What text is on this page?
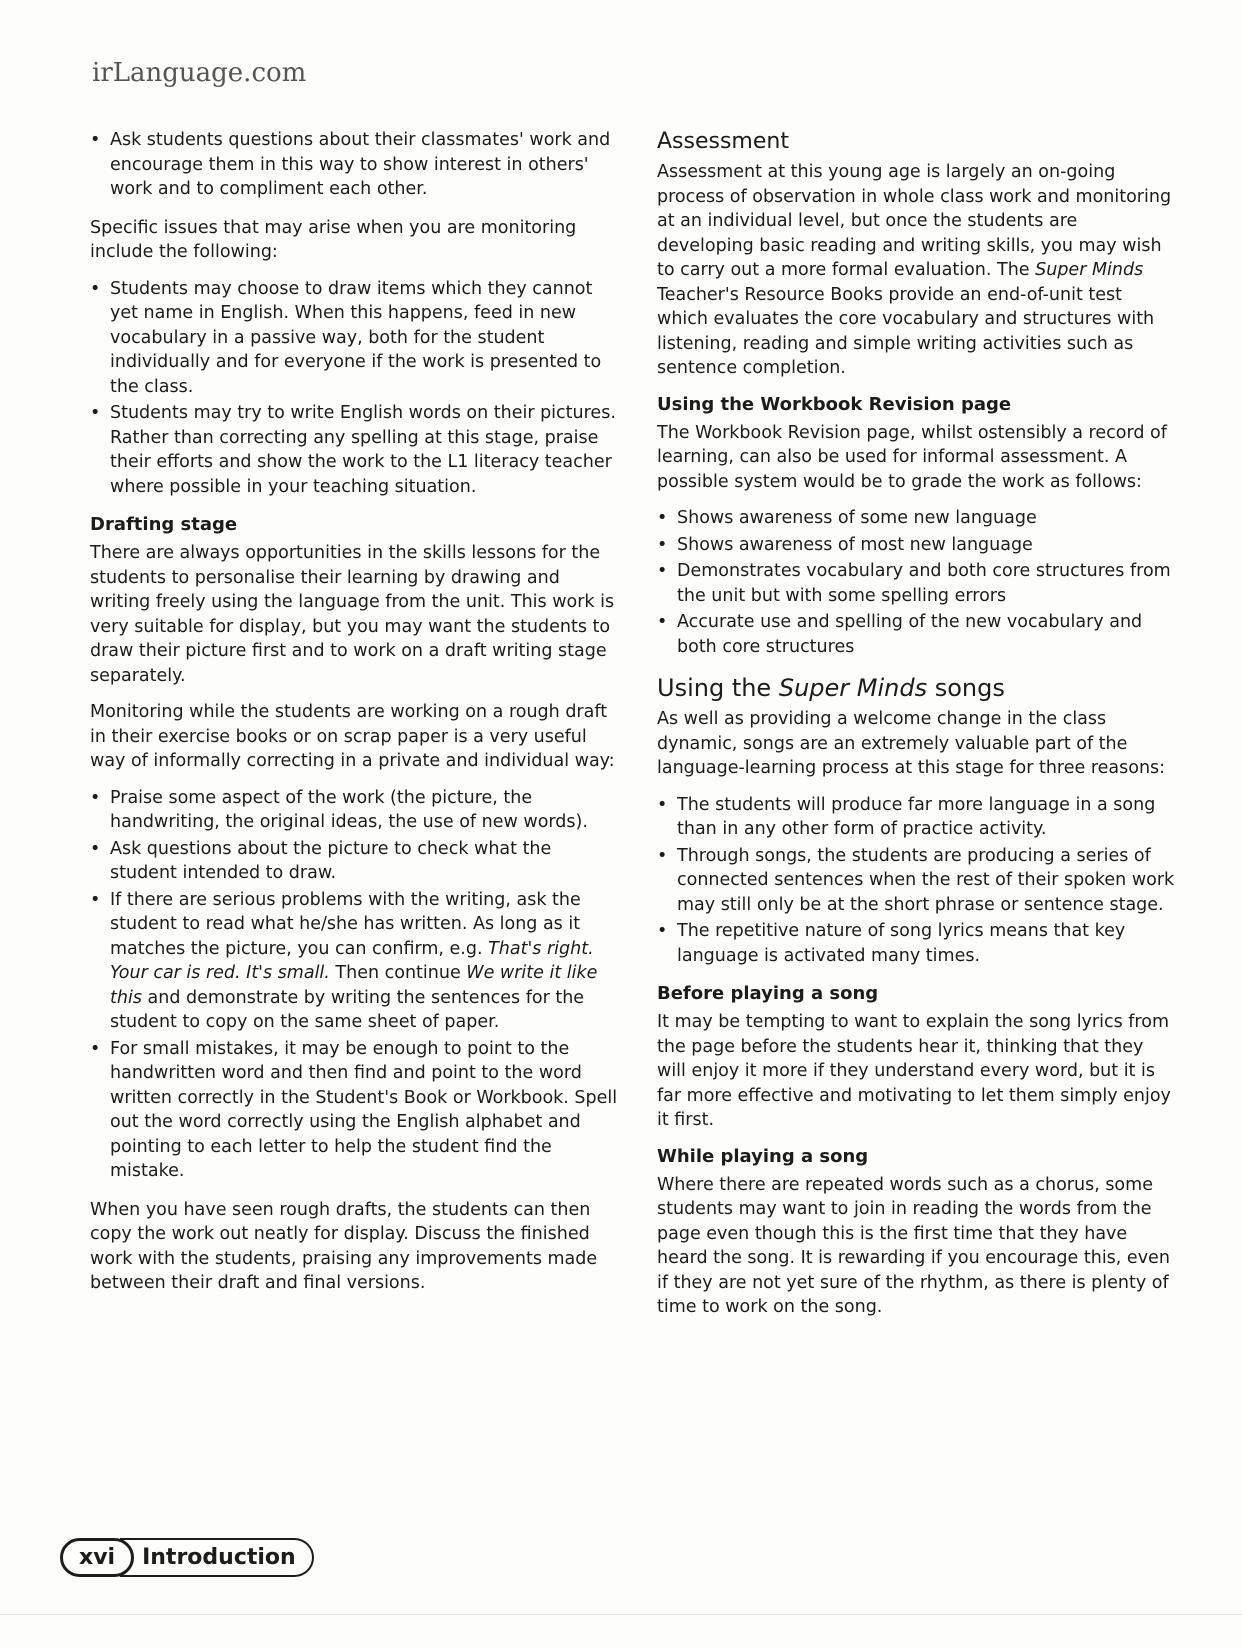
irLanguage.com
• Ask students questions about their classmates' work and encourage them in this way to show interest in others' work and to compliment each other.

Specific issues that may arise when you are monitoring include the following:

• Students may choose to draw items which they cannot yet name in English. When this happens, feed in new vocabulary in a passive way, both for the student individually and for everyone if the work is presented to the class.
• Students may try to write English words on their pictures. Rather than correcting any spelling at this stage, praise their efforts and show the work to the L1 literacy teacher where possible in your teaching situation.
Drafting stage

There are always opportunities in the skills lessons for the students to personalise their learning by drawing and writing freely using the language from the unit. This work is very suitable for display, but you may want the students to draw their picture first and to work on a draft writing stage separately.

Monitoring while the students are working on a rough draft in their exercise books or on scrap paper is a very useful way of informally correcting in a private and individual way:

• Praise some aspect of the work (the picture, the handwriting, the original ideas, the use of new words).
• Ask questions about the picture to check what the student intended to draw.
• If there are serious problems with the writing, ask the student to read what he/she has written. As long as it matches the picture, you can confirm, e.g. That's right. Your car is red. It's small. Then continue We write it like this and demonstrate by writing the sentences for the student to copy on the same sheet of paper.
• For small mistakes, it may be enough to point to the handwritten word and then find and point to the word written correctly in the Student's Book or Workbook. Spell out the word correctly using the English alphabet and pointing to each letter to help the student find the mistake.

When you have seen rough drafts, the students can then copy the work out neatly for display. Discuss the finished work with the students, praising any improvements made between their draft and final versions.

Assessment

Assessment at this young age is largely an on-going process of observation in whole class work and monitoring at an individual level, but once the students are developing basic reading and writing skills, you may wish to carry out a more formal evaluation. The Super Minds Teacher's Resource Books provide an end-of-unit test which evaluates the core vocabulary and structures with listening, reading and simple writing activities such as sentence completion.

Using the Workbook Revision page

The Workbook Revision page, whilst ostensibly a record of learning, can also be used for informal assessment. A possible system would be to grade the work as follows:

• Shows awareness of some new language
• Shows awareness of most new language
• Demonstrates vocabulary and both core structures from the unit but with some spelling errors
• Accurate use and spelling of the new vocabulary and both core structures
Using the Super Minds songs

As well as providing a welcome change in the class dynamic, songs are an extremely valuable part of the language-learning process at this stage for three reasons:

• The students will produce far more language in a song than in any other form of practice activity.
• Through songs, the students are producing a series of connected sentences when the rest of their spoken work may still only be at the short phrase or sentence stage.
• The repetitive nature of song lyrics means that key language is activated many times.
Before playing a song

It may be tempting to want to explain the song lyrics from the page before the students hear it, thinking that they will enjoy it more if they understand every word, but it is far more effective and motivating to let them simply enjoy it first.

While playing a song

Where there are repeated words such as a chorus, some students may want to join in reading the words from the page even though this is the first time that they have heard the song. It is rewarding if you encourage this, even if they are not yet sure of the rhythm, as there is plenty of time to work on the song.

xvi	Introduction
